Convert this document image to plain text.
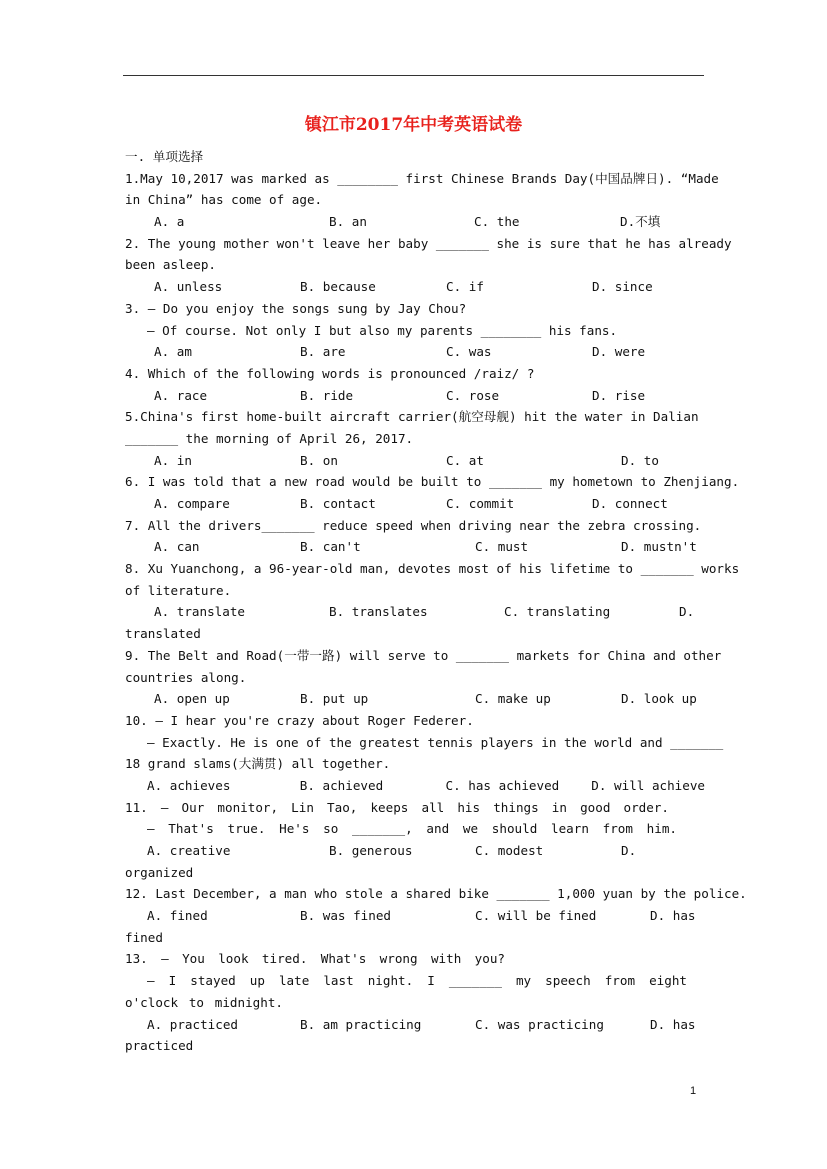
镇江市2017年中考英语试卷
一. 单项选择
1.May 10,2017 was marked as ________ first Chinese Brands Day(中国品牌日). “Made
in China” has come of age.
A. a	B. an	C. the	D.不填
2. The young mother won't leave her baby _______ she is sure that he has already
been asleep.
A. unless	B. because	C. if	D. since
3. — Do you enjoy the songs sung by Jay Chou?
— Of course. Not only I but also my parents ________ his fans.
A. am	B. are	C. was	D. were
4. Which of the following words is pronounced /raiz/ ?
A. race	B. ride	C. rose	D. rise
5.China's first home-built aircraft carrier(航空母舰) hit the water in Dalian
_______ the morning of April 26, 2017.
A. in	B. on	C. at	D. to
6. I was told that a new road would be built to _______ my hometown to Zhenjiang.
A. compare	B. contact	C. commit	D. connect
7. All the drivers_______ reduce speed when driving near the zebra crossing.
A. can	B. can't	C. must	D. mustn't
8. Xu Yuanchong, a 96-year-old man, devotes most of his lifetime to _______ works
of literature.
A. translate	B. translates	C. translating	D.
translated
9. The Belt and Road(一带一路) will serve to _______ markets for China and other
countries along.
A. open up	B. put up	C. make up	D. look up
10. — I hear you're crazy about Roger Federer.
— Exactly. He is one of the greatest tennis players in the world and _______
18 grand slams(大满贯) all together.
A. achieves	B. achieved	C. has achieved	D. will achieve
11. — Our monitor, Lin Tao, keeps all his things in good order.
— That's true. He's so _______, and we should learn from him.
A. creative	B. generous	C. modest	D.
organized
12. Last December, a man who stole a shared bike _______ 1,000 yuan by the police.
A. fined	B. was fined	C. will be fined	D. has
fined
13. — You look tired. What's wrong with you?
— I stayed up late last night. I _______ my speech from eight
o'clock to midnight.
A. practiced	B. am practicing	C. was practicing	D. has
practiced
1
